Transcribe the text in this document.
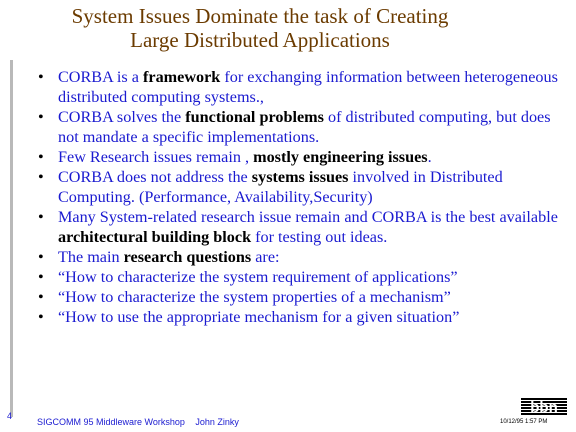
System Issues Dominate the task of Creating
Large Distributed Applications
• CORBA is a framework for exchanging information between heterogeneous distributed computing systems.,
• CORBA solves the functional problems of distributed computing, but does not mandate a specific implementations.
• Few Research issues remain , mostly engineering issues.
• CORBA does not address the systems issues involved in Distributed Computing. (Performance, Availability,Security)
• Many System-related research issue remain and CORBA is the best available architectural building block for testing out ideas.
• The main research questions are:
• “How to characterize the system requirement of applications”
• “How to characterize the system properties of a mechanism”
• “How to use the appropriate mechanism for a given situation”
4
SIGCOMM 95 Middleware Workshop John Zinky
bbn
10/12/95 1:57 PM
